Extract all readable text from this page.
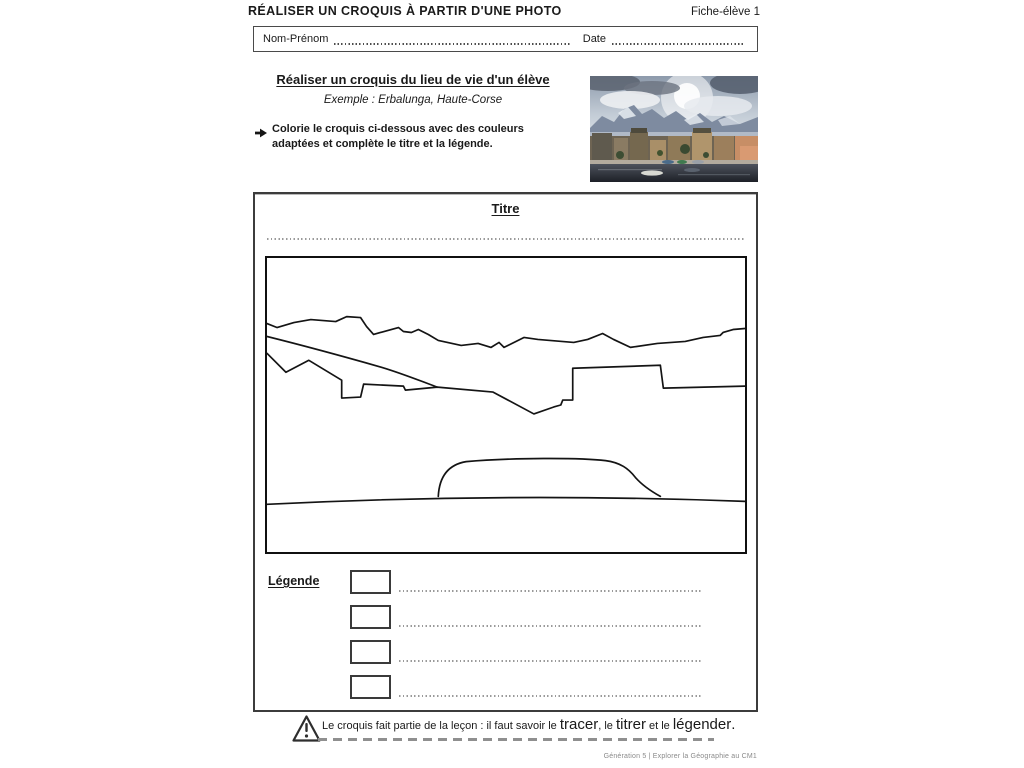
RÉALISER UN CROQUIS À PARTIR D'UNE PHOTO	Fiche-élève 1
Nom-Prénom	Date
Réaliser un croquis du lieu de vie d'un élève
Exemple : Erbalunga, Haute-Corse
Colorie le croquis ci-dessous avec des couleurs adaptées et complète le titre et la légende.
Titre
Légende
Le croquis fait partie de la leçon : il faut savoir le tracer , le titrer et le légender .
Génération 5 | Explorer la Géographie au CM1
